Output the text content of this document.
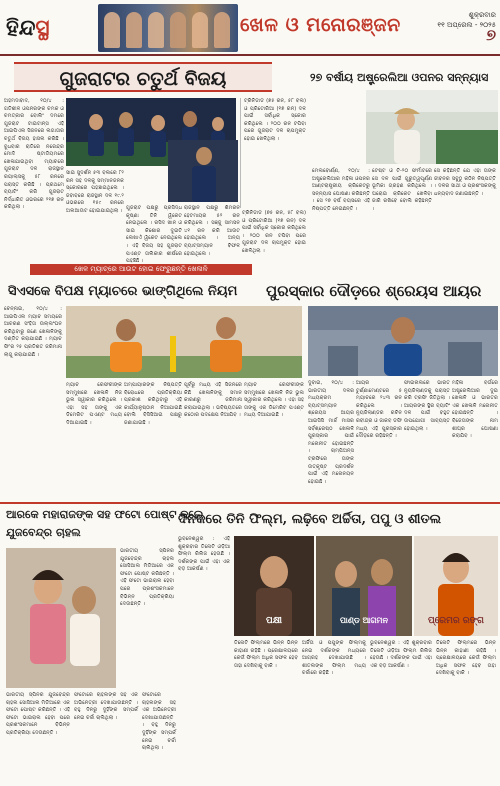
ହିନ୍ଦସ୍ଥ	ଖେଳ ଓ ମନୋରଞ୍ଜନ	ଶୁକ୍ରବାର
୧୧ ଅପ୍ରେଲ - ୨୦୨୫
୭
ଗୁଜରାଟର ଚତୁର୍ଥ ବିଜୟ
ଅହମଦାବାଦ, ୧୦/୪ : ଗତିଶୀଳ ଓପନରଙ୍କ ଚମକ ଓ ଚମତ୍କାର ବୋଲିଂ ଦମରେ ଗୁଜରାଟ ଟାଇଟାନ୍ସ ଏହି ଆଇପିଏଲ ସିଜନରେ ଲଗାତାର ଚତୁର୍ଥ ବିଜୟ ହାସଲ କରିଛି । ବୁଧବାର ରାତିରେ ନରେନ୍ଦ୍ର ମୋଦି ଷ୍ଟାଡିୟମରେ ଖେଳାଯାଇଥିବା ମ୍ୟାଚରେ ଗୁଜରାଟ ଦଳ ରାଜସ୍ଥାନ ରୟାଲ୍ସକୁ ୫୮ ରନରେ ପରାସ୍ତ କରିଛି । ପ୍ରଥମେ ବ୍ୟାଟିଂ କରି ଗୁଜରାଟ ନିର୍ଦ୍ଧାରିତ ଓଭରରେ ୨୧୭ ରନ କରିଥିଲା ।
ଟ୍ରିନିଡାଡ (୭୫ ରନ, ୫୮ ବଲ) ଓ ପ୍ରିଟୋରିଆ (୧୭ ରନ) ଦଳ ପାଇଁ ସର୍ବାଧିକ ସ୍କୋର କରିଥିଲେ । ୨୦୦ ରନ ଟପିବା ପରେ ଗୁଜରାଟ ଦଳ ଚାପମୁକ୍ତ ହୋଇ ଖେଳିଥିଲା ।
ସାଇ ସୁଦର୍ଶନ ୫୩ ବଲରେ ୮୨ ରନ ସହ ଦଳକୁ ସମ୍ମାନଜନକ ସ୍କୋରରେ ପହଞ୍ଚାଇଥିଲେ । ଜବାବରେ ରାଜସ୍ଥାନ ଦଳ ୧୯.୨ ଓଭରରେ ୧୫୯ ରନରେ ଅଲଆଉଟ ହୋଇଯାଇଥିଲା । ଗୁଜରାଟ ପକ୍ଷରୁ ପ୍ରସିଦ୍ଧ କୃଷ୍ଣା ତିନି ୱିକେଟ ନେଇଥିଲେ । ରସିଦ ଖାନ ଓ ସାଇ କିଶୋର ଦୁଇଟି ଲେଖାଏଁ ୱିକେଟ ନେଇଥିଲେ । ଏହି ବିଜୟ ସହ ଗୁଜରାଟ ପଏଣ୍ଟ ତାଲିକାର ଶୀର୍ଷରେ ପହଞ୍ଚିଛି ।
ରାଜସ୍ଥାନ ପକ୍ଷରୁ ଶିମରନ ହେଟମାୟର ୫୨ ରନ କରିଥିଲେ । ସଞ୍ଜୁ ସାମସନ ୪୧ ରନ କରି ଆଉଟ ହୋଇଥିଲେ । ଅନ୍ୟ ବ୍ୟାଟ୍ସମ୍ୟାନ ବିଫଳ ହୋଇଥିଲେ ।
ଟ୍ରିନିଡାଡ (୭୫ ରନ, ୫୮ ବଲ) ଓ ପ୍ରିଟୋରିଆ (୧୭ ରନ) ଦଳ ପାଇଁ ସର୍ବାଧିକ ସ୍କୋର କରିଥିଲେ । ୨୦୦ ରନ ଟପିବା ପରେ ଗୁଜରାଟ ଦଳ ଚାପମୁକ୍ତ ହୋଇ ଖେଳିଥିଲା ।
୨୭ ବର୍ଷୀୟ ଅଷ୍ଟ୍ରେଲିଆ ଓପନର ସନ୍ନ୍ୟାସ
ମେଲବୋର୍ଣ୍ଣ, ୧୦/୪ : ଅଷ୍ଟ୍ରେଲିଆର ମହିଳା ଓପନର ଆଣ୍ଟରାଷ୍ଟ୍ରୀୟ କ୍ରିକେଟରୁ ସନ୍ନ୍ୟାସ ଘୋଷଣା କରିଛନ୍ତି । ସେ ୨୭ ବର୍ଷ ବୟସରେ ଏହି ନିଷ୍ପତ୍ତି ନେଇଛନ୍ତି ।
ଟେଷ୍ଟ ଓ ଟି-୨୦ ଫର୍ମାଟରେ ସେ ଦଳ ପାଇଁ ଗୁରୁତ୍ୱପୂର୍ଣ୍ଣ ଭୂମିକା ଗ୍ରହଣ କରିଥିଲେ । ଘରୋଇ କ୍ରିକେଟ ଖେଳିବା ଜାରି ରଖିବେ ବୋଲି କହିଛନ୍ତି ।
ସେ କହିଛନ୍ତି ଯେ ଏହା ତାଙ୍କ ଜୀବନର ସବୁଠୁ କଠିନ ନିଷ୍ପତ୍ତି । ଦଳର ସାଥୀ ଓ ପ୍ରଶଂସକଙ୍କୁ ଧନ୍ୟବାଦ ଜଣାଇଛନ୍ତି ।
ଖେଳ ମ୍ୟାଚ୍‌ରେ ଆଉଟ ହୋଇ ଫେରୁଛନ୍ତି ଖେଳାଳି
ପୁରସ୍କାର ଦୌଡ଼ରେ ଶ୍ରେୟସ ଆୟର
ଦୁବାଇ, ୧୦/୪ : ଭାରତୀୟ ଦଳର ମଧ୍ୟକ୍ରମ ବ୍ୟାଟ୍ସମ୍ୟାନ ଶ୍ରେୟସ ଆୟର ଆଇସିସି ମାର୍ଚ୍ଚ ମାସର ସର୍ବଶ୍ରେଷ୍ଠ ଖେଳାଳି ପୁରସ୍କାର ପାଇଁ ମନୋନୀତ ହୋଇଛନ୍ତି । ଚାମ୍ପିଅନ୍ସ ଟ୍ରଫିରେ ତାଙ୍କ ଉତ୍କୃଷ୍ଟ ପ୍ରଦର୍ଶନ ପାଇଁ ଏହି ମନୋନୟନ ହୋଇଛି ।
ଆୟର ଟୁର୍ଣ୍ଣାମେଣ୍ଟରେ ୫ ମ୍ୟାଚରେ ୨୪୩ ରନ କରିଥିଲେ । ନ୍ୟୁଜିଲାଣ୍ଡର ରଚିନ ରବୀନ୍ଦ୍ର ଓ ଜାକବ ଡଫି ମଧ୍ୟ ଏହି ପୁରସ୍କାର ଦୌଡ଼ରେ ରହିଛନ୍ତି ।
ଫାଇନାଲରେ ଭାରତ ନ୍ୟୁଜିଲାଣ୍ଡକୁ ପରାସ୍ତ କରି ଟ୍ରଫି ଜିତିଥିଲା । ଆୟରଙ୍କ ସ୍ଥିର ବ୍ୟାଟିଂ ଦଳ ପାଇଁ ବହୁତ ଉପଯୋଗୀ ସାବ୍ୟସ୍ତ ହୋଇଥିଲା ।
ମହିଳା ବର୍ଗରେ ଅଷ୍ଟ୍ରେଲିଆର ଦୁଇ ଖେଳାଳି ଓ ଭାରତର ଏକ ଖେଳାଳି ମନୋନୀତ ହୋଇଛନ୍ତି । ବିଜେତାଙ୍କ ନାମ ଶୀଘ୍ର ଘୋଷଣା କରାଯିବ ।
ସିଏସକେ ବିପକ୍ଷ ମ୍ୟାଚରେ ଭାଙ୍ଗିଥିଲେ ନିୟମ
ଚେନ୍ନାଇ, ୧୦/୪ : ଆଇପିଏଲ ମ୍ୟାଚ ସମୟରେ ଆଚରଣ ସଂହିତା ଉଲ୍ଲଂଘନ କରିଥିବାରୁ ଜଣେ ଖେଳାଳିଙ୍କୁ ଦଣ୍ଡିତ କରାଯାଇଛି । ମ୍ୟାଚ ଫି'ର ୨୫ ପ୍ରତିଶତ ଜରିମାନା ଲାଗୁ କରାଯାଇଛି ।
ମ୍ୟାଚ ରେଫରୀଙ୍କ ସମ୍ମୁଖରେ ଖେଳାଳି ନିଜ ଭୁଲ ସ୍ୱୀକାର କରିଥିଲେ । ଏହା ସହ ତାଙ୍କୁ ଏକ ଡିମେରିଟ ପଏଣ୍ଟ ମଧ୍ୟ ଦିଆଯାଇଛି ।
ଅମ୍ପାୟାରଙ୍କ ନିଷ୍ପତ୍ତି ବିରୋଧରେ ପ୍ରତିକ୍ରିୟା ପ୍ରକାଶ କରିଥିବାରୁ ଏହି କାର୍ଯ୍ୟାନୁଷ୍ଠାନ ନିଆଯାଇଛି ବୋଲି ବିସିସିଆଇ ପକ୍ଷରୁ ଜଣାଯାଇଛି ।
ପୂର୍ବରୁ ମଧ୍ୟ ଏହି ସିଜନରେ କିଛି ଖେଳାଳିଙ୍କୁ ସମାନ କାରଣରୁ ଜରିମାନା କରାଯାଇଥିଲା । ଭବିଷ୍ୟତରେ କଠୋର ପଦକ୍ଷେପ ନିଆଯିବ ।
ମ୍ୟାଚ ରେଫରୀଙ୍କ ସମ୍ମୁଖରେ ଖେଳାଳି ନିଜ ଭୁଲ ସ୍ୱୀକାର କରିଥିଲେ । ଏହା ସହ ତାଙ୍କୁ ଏକ ଡିମେରିଟ ପଏଣ୍ଟ ମଧ୍ୟ ଦିଆଯାଇଛି ।
ଆରକେ ମହାରାଜଙ୍କ ସହ ଫଟୋ ପୋଷ୍ଟ କଲେ ଯୁଜବେନ୍ଦ୍ର ଚାହଲ
ଭାରତୀୟ ସ୍ପିନର ଯୁଜବେନ୍ଦ୍ର ଚାହଲ ସୋସିଆଲ ମିଡିଆରେ ଏକ ଫଟୋ ପୋଷ୍ଟ କରିଛନ୍ତି । ଏହି ଫଟୋ ଭାଇରାଲ ହେବା ପରେ ପ୍ରଶଂସକମାନେ ବିଭିନ୍ନ ପ୍ରତିକ୍ରିୟା ଦେଉଛନ୍ତି ।
ଫଟୋରେ ଚାହଲଙ୍କ ସହ ଏକ ଅଭିନେତ୍ରୀ ଦେଖାଯାଉଛନ୍ତି । ବହୁ ଦିନରୁ ଦୁହିଁଙ୍କ ସମ୍ପର୍କ ନେଇ ଚର୍ଚ୍ଚା ଚାଲିଥିଲା ।
ଭାରତୀୟ ସ୍ପିନର ଯୁଜବେନ୍ଦ୍ର ଚାହଲ ସୋସିଆଲ ମିଡିଆରେ ଏକ ଫଟୋ ପୋଷ୍ଟ କରିଛନ୍ତି । ଏହି ଫଟୋ ଭାଇରାଲ ହେବା ପରେ ପ୍ରଶଂସକମାନେ ବିଭିନ୍ନ ପ୍ରତିକ୍ରିୟା ଦେଉଛନ୍ତି ।
ଫଟୋରେ ଚାହଲଙ୍କ ସହ ଏକ ଅଭିନେତ୍ରୀ ଦେଖାଯାଉଛନ୍ତି । ବହୁ ଦିନରୁ ଦୁହିଁଙ୍କ ସମ୍ପର୍କ ନେଇ ଚର୍ଚ୍ଚା ଚାଲିଥିଲା ।
ଦିନକରେ ତିନି ଫିଲ୍ମ, ଲଢ଼ିବେ ଅର୍ଚ୍ଚିତା, ପପୁ ଓ ଶୀତଲ
ଭୁବନେଶ୍ୱର : ଏହି ଶୁକ୍ରବାର ତିନୋଟି ଓଡ଼ିଆ ଫିଲ୍ମ ରିଲିଜ ହେଉଛି । ଦର୍ଶକଙ୍କ ପାଇଁ ଏହା ଏକ ବଡ଼ ଆକର୍ଷଣ ।
ପକ୍ଷୀ	ପାଣ୍ଡ ଆଗମନ	ପ୍ରେମର ରଙ୍ଗ
ତିନୋଟି ଫିଲ୍ମରେ ଭିନ୍ନ ଭିନ୍ନ କାହାଣୀ ରହିଛି । ପ୍ରେକ୍ଷାଳୟରେ କେଉଁ ଫିଲ୍ମ ଅଧିକ ସଫଳ ହେବ ତାହା ଦେଖିବାକୁ ବାକି ।
ଅର୍ଚ୍ଚିତା ଓ ପପୁଙ୍କ ଫିଲ୍ମକୁ ନେଇ ଦର୍ଶକଙ୍କ ମଧ୍ୟରେ ଆଗ୍ରହ ଦେଖାଯାଉଛି । ଶୀତଲଙ୍କ ଫିଲ୍ମ ମଧ୍ୟ ଚର୍ଚ୍ଚାରେ ରହିଛି ।
ଭୁବନେଶ୍ୱର : ଏହି ଶୁକ୍ରବାର ତିନୋଟି ଓଡ଼ିଆ ଫିଲ୍ମ ରିଲିଜ ହେଉଛି । ଦର୍ଶକଙ୍କ ପାଇଁ ଏହା ଏକ ବଡ଼ ଆକର୍ଷଣ ।
ତିନୋଟି ଫିଲ୍ମରେ ଭିନ୍ନ ଭିନ୍ନ କାହାଣୀ ରହିଛି । ପ୍ରେକ୍ଷାଳୟରେ କେଉଁ ଫିଲ୍ମ ଅଧିକ ସଫଳ ହେବ ତାହା ଦେଖିବାକୁ ବାକି ।
